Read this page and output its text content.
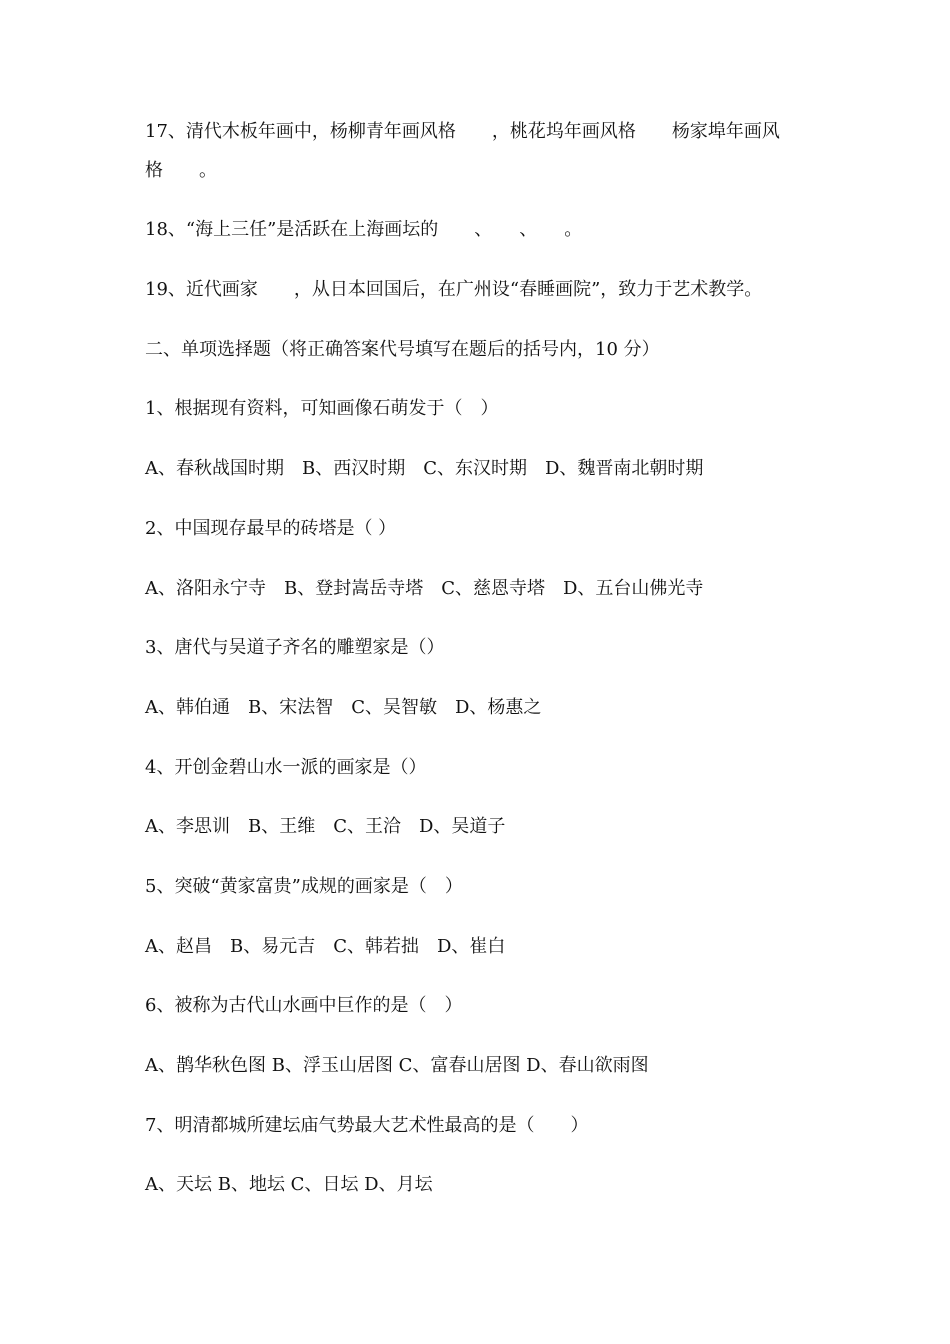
17、清代木板年画中，杨柳青年画风格　　，桃花坞年画风格　　杨家埠年画风
格　　。
18、“海上三任”是活跃在上海画坛的　　、　　、　　。
19、近代画家　　，从日本回国后，在广州设“春睡画院”，致力于艺术教学。
二、单项选择题（将正确答案代号填写在题后的括号内，10 分）
1、根据现有资料，可知画像石萌发于（　）
A、春秋战国时期　B、西汉时期　C、东汉时期　D、魏晋南北朝时期
2、中国现存最早的砖塔是（ ）
A、洛阳永宁寺　B、登封嵩岳寺塔　C、慈恩寺塔　D、五台山佛光寺
3、唐代与吴道子齐名的雕塑家是（）
A、韩伯通　B、宋法智　C、吴智敏　D、杨惠之
4、开创金碧山水一派的画家是（）
A、李思训　B、王维　C、王洽　D、吴道子
5、突破“黄家富贵”成规的画家是（　）
A、赵昌　B、易元吉　C、韩若拙　D、崔白
6、被称为古代山水画中巨作的是（　）
A、鹊华秋色图 B、浮玉山居图 C、富春山居图 D、春山欲雨图
7、明清都城所建坛庙气势最大艺术性最高的是（　　）
A、天坛 B、地坛 C、日坛 D、月坛
